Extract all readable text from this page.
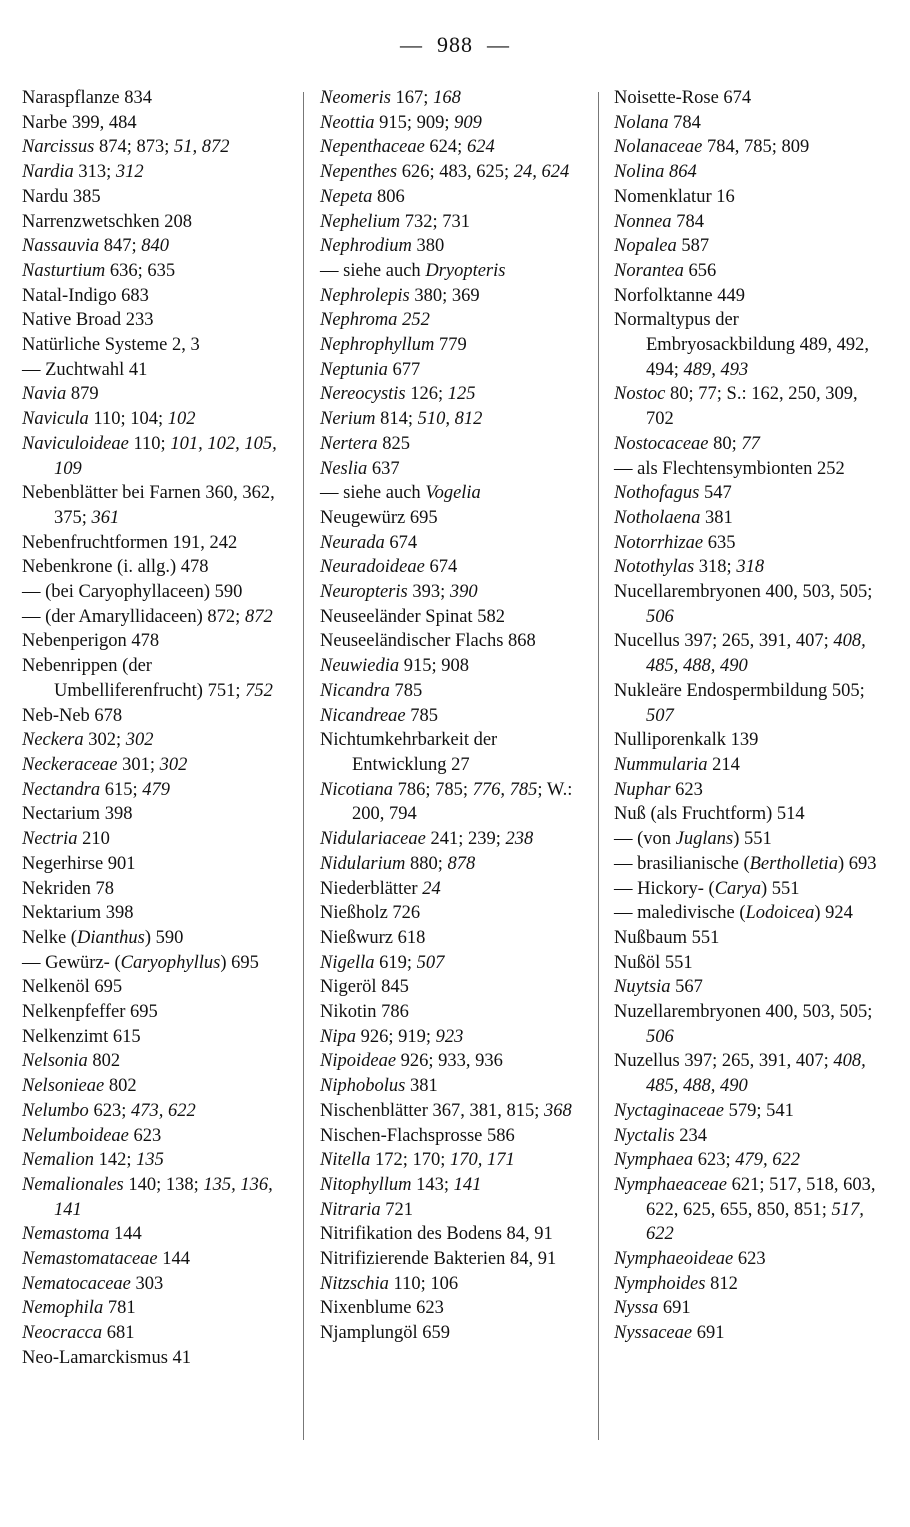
— 988 —
Naraspflanze 834
Narbe 399, 484
Narcissus 874; 873; 51, 872
Nardia 313; 312
Nardu 385
Narrenzwetschken 208
Nassauvia 847; 840
Nasturtium 636; 635
Natal-Indigo 683
Native Broad 233
Natürliche Systeme 2, 3
— Zuchtwahl 41
Navia 879
Navicula 110; 104; 102
Naviculoideae 110; 101, 102, 105, 109
Nebenblätter bei Farnen 360, 362, 375; 361
Nebenfruchtformen 191, 242
Nebenkrone (i. allg.) 478
— (bei Caryophyllaceen) 590
— (der Amaryllidaceen) 872; 872
Nebenperigon 478
Nebenrippen (der Umbelliferenfrucht) 751; 752
Neb-Neb 678
Neckera 302; 302
Neckeraceae 301; 302
Nectandra 615; 479
Nectarium 398
Nectria 210
Negerhirse 901
Nekriden 78
Nektarium 398
Nelke (Dianthus) 590
— Gewürz- (Caryophyllus) 695
Nelkenöl 695
Nelkenpfeffer 695
Nelkenzimt 615
Nelsonia 802
Nelsonieae 802
Nelumbo 623; 473, 622
Nelumboideae 623
Nemalion 142; 135
Nemalionales 140; 138; 135, 136, 141
Nemastoma 144
Nemastomataceae 144
Nematocaceae 303
Nemophila 781
Neocracca 681
Neo-Lamarckismus 41
Neomeris 167; 168
Neottia 915; 909; 909
Nepenthaceae 624; 624
Nepenthes 626; 483, 625; 24, 624
Nepeta 806
Nephelium 732; 731
Nephrodium 380
— siehe auch Dryopteris
Nephrolepis 380; 369
Nephroma 252
Nephrophyllum 779
Neptunia 677
Nereocystis 126; 125
Nerium 814; 510, 812
Nertera 825
Neslia 637
— siehe auch Vogelia
Neugewürz 695
Neurada 674
Neuradoideae 674
Neuropteris 393; 390
Neuseeländer Spinat 582
Neuseeländischer Flachs 868
Neuwiedia 915; 908
Nicandra 785
Nicandreae 785
Nichtumkehrbarkeit der Entwicklung 27
Nicotiana 786; 785; 776, 785; W.: 200, 794
Nidulariaceae 241; 239; 238
Nidularium 880; 878
Niederblätter 24
Nießholz 726
Nießwurz 618
Nigella 619; 507
Nigeröl 845
Nikotin 786
Nipa 926; 919; 923
Nipoideae 926; 933, 936
Niphobolus 381
Nischenblätter 367, 381, 815; 368
Nischen-Flachsprosse 586
Nitella 172; 170; 170, 171
Nitophyllum 143; 141
Nitraria 721
Nitrifikation des Bodens 84, 91
Nitrifizierende Bakterien 84, 91
Nitzschia 110; 106
Nixenblume 623
Njamplungöl 659
Noisette-Rose 674
Nolana 784
Nolanaceae 784, 785; 809
Nolina 864
Nomenklatur 16
Nonnea 784
Nopalea 587
Norantea 656
Norfolktanne 449
Normaltypus der Embryosackbildung 489, 492, 494; 489, 493
Nostoc 80; 77; S.: 162, 250, 309, 702
Nostocaceae 80; 77
— als Flechtensymbionten 252
Nothofagus 547
Notholaena 381
Notorrhizae 635
Notothylas 318; 318
Nucellarembryonen 400, 503, 505; 506
Nucellus 397; 265, 391, 407; 408, 485, 488, 490
Nukleäre Endospermbildung 505; 507
Nulliporenkalk 139
Nummularia 214
Nuphar 623
Nuß (als Fruchtform) 514
— (von Juglans) 551
— brasilianische (Bertholletia) 693
— Hickory- (Carya) 551
— maledivische (Lodoicea) 924
Nußbaum 551
Nußöl 551
Nuytsia 567
Nuzellarembryonen 400, 503, 505; 506
Nuzellus 397; 265, 391, 407; 408, 485, 488, 490
Nyctaginaceae 579; 541
Nyctalis 234
Nymphaea 623; 479, 622
Nymphaeaceae 621; 517, 518, 603, 622, 625, 655, 850, 851; 517, 622
Nymphaeoideae 623
Nymphoides 812
Nyssa 691
Nyssaceae 691
